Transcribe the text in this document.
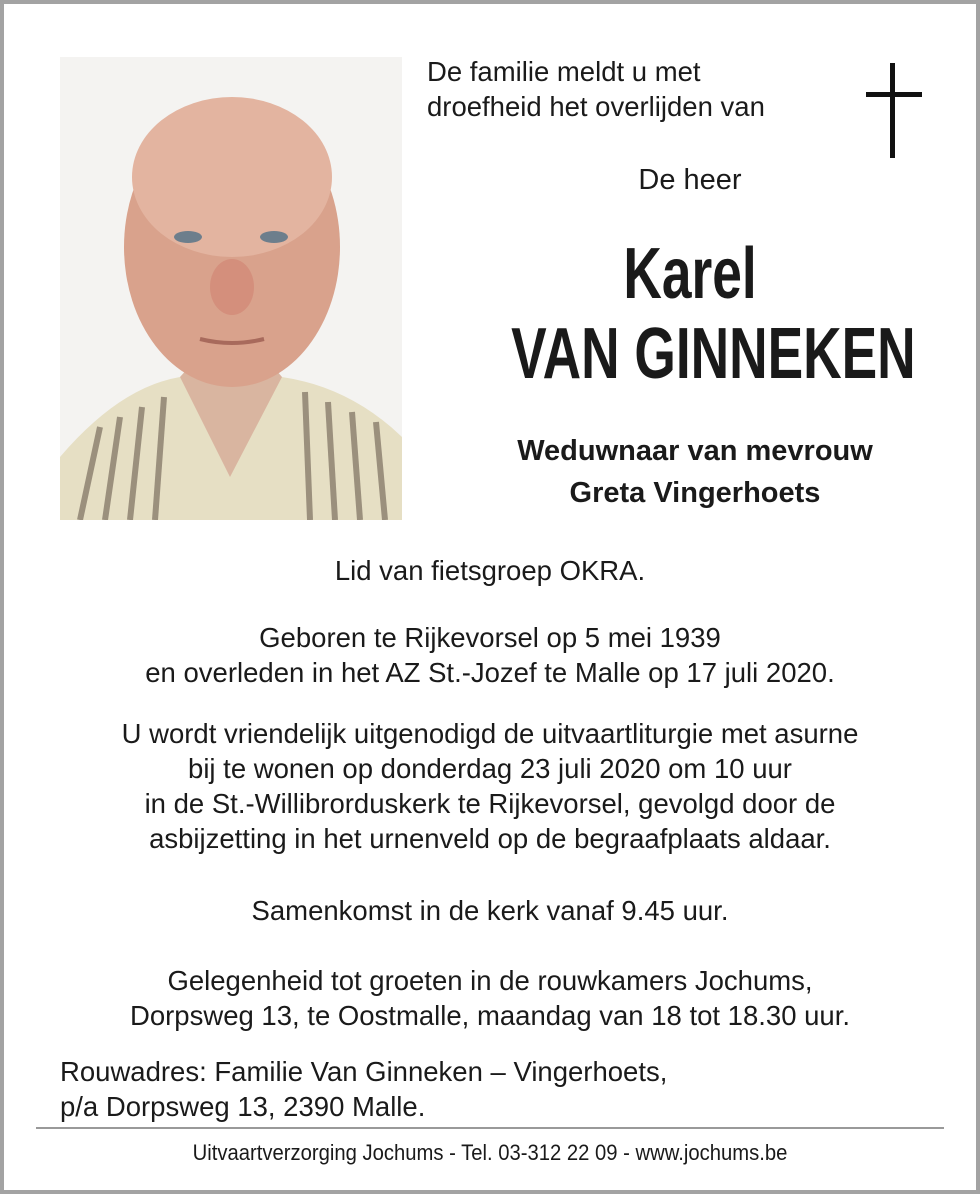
De familie meldt u met
droefheid het overlijden van
De heer
Karel
VAN GINNEKEN
Weduwnaar van mevrouw
Greta Vingerhoets
Lid van fietsgroep OKRA.
Geboren te Rijkevorsel op 5 mei 1939
en overleden in het AZ St.-Jozef te Malle op 17 juli 2020.
U wordt vriendelijk uitgenodigd de uitvaartliturgie met asurne
bij te wonen op donderdag 23 juli 2020 om 10 uur
in de St.-Willibrorduskerk te Rijkevorsel, gevolgd door de
asbijzetting in het urnenveld op de begraafplaats aldaar.
Samenkomst in de kerk vanaf 9.45 uur.
Gelegenheid tot groeten in de rouwkamers Jochums,
Dorpsweg 13, te Oostmalle, maandag van 18 tot 18.30 uur.
Rouwadres: Familie Van Ginneken – Vingerhoets,
p/a Dorpsweg 13, 2390 Malle.
Uitvaartverzorging Jochums - Tel. 03-312 22 09 - www.jochums.be
